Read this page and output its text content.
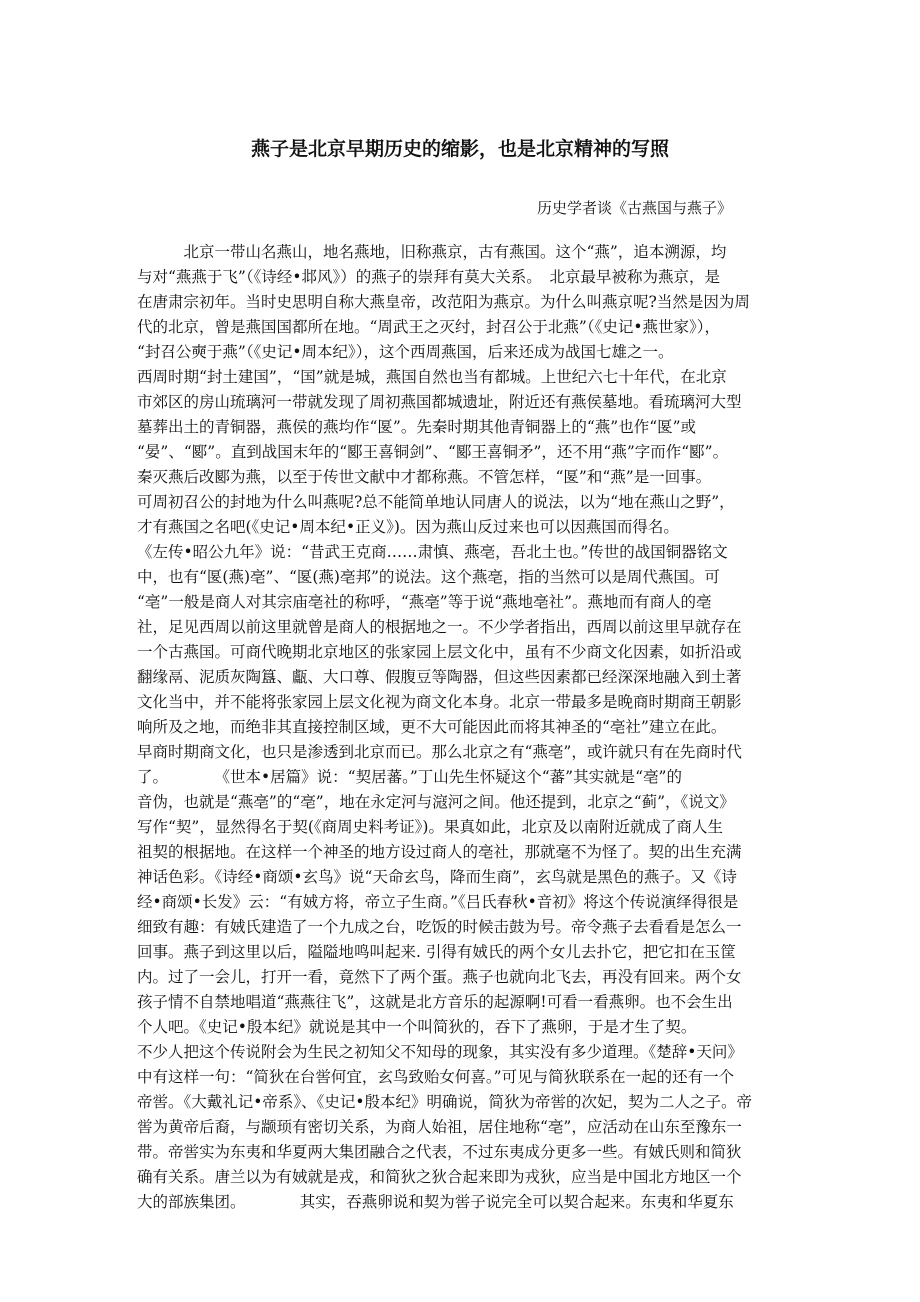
燕子是北京早期历史的缩影，也是北京精神的写照

历史学者谈《古燕国与燕子》

　　　北京一带山名燕山，地名燕地，旧称燕京，古有燕国。这个“燕”，追本溯源，均
与对“燕燕于飞”（《诗经•邶风》）的燕子的崇拜有莫大关系。　北京最早被称为燕京，是
在唐肃宗初年。当时史思明自称大燕皇帝，改范阳为燕京。为什么叫燕京呢?当然是因为周
代的北京，曾是燕国国都所在地。“周武王之灭纣，封召公于北燕”（《史记•燕世家》），
“封召公奭于燕”（《史记•周本纪》），这个西周燕国，后来还成为战国七雄之一。
西周时期“封土建国”，“国”就是城，燕国自然也当有都城。上世纪六七十年代，在北京
市郊区的房山琉璃河一带就发现了周初燕国都城遗址，附近还有燕侯墓地。看琉璃河大型
墓葬出土的青铜器，燕侯的燕均作“匽”。先秦时期其他青铜器上的“燕”也作“匽”或
“晏”、“郾”。直到战国末年的“郾王喜铜剑”、“郾王喜铜矛”，还不用“燕”字而作“郾”。
秦灭燕后改郾为燕，以至于传世文献中才都称燕。不管怎样，“匽”和“燕”是一回事。
可周初召公的封地为什么叫燕呢?总不能简单地认同唐人的说法，以为“地在燕山之野”，
才有燕国之名吧(《史记•周本纪•正义》)。因为燕山反过来也可以因燕国而得名。
《左传•昭公九年》说：“昔武王克商……肃慎、燕亳，吾北土也。”传世的战国铜器铭文
中，也有“匽(燕)亳”、“匽(燕)亳邦”的说法。这个燕亳，指的当然可以是周代燕国。可
“亳”一般是商人对其宗庙亳社的称呼，“燕亳”等于说“燕地亳社”。燕地而有商人的亳
社，足见西周以前这里就曾是商人的根据地之一。不少学者指出，西周以前这里早就存在
一个古燕国。可商代晚期北京地区的张家园上层文化中，虽有不少商文化因素，如折沿或
翻缘鬲、泥质灰陶簋、甗、大口尊、假腹豆等陶器，但这些因素都已经深深地融入到土著
文化当中，并不能将张家园上层文化视为商文化本身。北京一带最多是晚商时期商王朝影
响所及之地，而绝非其直接控制区域，更不大可能因此而将其神圣的“亳社”建立在此。
早商时期商文化，也只是渗透到北京而已。那么北京之有“燕亳”，或许就只有在先商时代
了。　　　　《世本•居篇》说：“契居蕃。”丁山先生怀疑这个“蕃”其实就是“亳”的
音伪，也就是“燕亳”的“亳”，地在永定河与滱河之间。他还提到，北京之“蓟”，《说文》
写作“契”，显然得名于契(《商周史料考证》)。果真如此，北京及以南附近就成了商人生
祖契的根据地。在这样一个神圣的地方设过商人的亳社，那就毫不为怪了。契的出生充满
神话色彩。《诗经•商颂•玄鸟》说“天命玄鸟，降而生商”，玄鸟就是黑色的燕子。又《诗
经•商颂•长发》云：“有娀方将，帝立子生商。”《吕氏春秋•音初》将这个传说演绎得很是
细致有趣：有娀氏建造了一个九成之台，吃饭的时候击鼓为号。帝令燕子去看看是怎么一
回事。燕子到这里以后，隘隘地鸣叫起来. 引得有娀氏的两个女儿去扑它，把它扣在玉筐
内。过了一会儿，打开一看，竟然下了两个蛋。燕子也就向北飞去，再没有回来。两个女
孩子情不自禁地唱道“燕燕往飞”，这就是北方音乐的起源啊!可看一看燕卵。也不会生出
个人吧。《史记•殷本纪》就说是其中一个叫简狄的，吞下了燕卵，于是才生了契。
不少人把这个传说附会为生民之初知父不知母的现象，其实没有多少道理。《楚辞•天问》
中有这样一句：“简狄在台喾何宜，玄鸟致贻女何喜。”可见与简狄联系在一起的还有一个
帝喾。《大戴礼记•帝系》、《史记•殷本纪》明确说，简狄为帝喾的次妃，契为二人之子。帝
喾为黄帝后裔，与颛顼有密切关系，为商人始祖，居住地称“亳”，应活动在山东至豫东一
带。帝喾实为东夷和华夏两大集团融合之代表，不过东夷成分更多一些。有娀氏则和简狄
确有关系。唐兰以为有娀就是戎，和简狄之狄合起来即为戎狄，应当是中国北方地区一个
大的部族集团。　　　　其实，吞燕卵说和契为喾子说完全可以契合起来。东夷和华夏东
